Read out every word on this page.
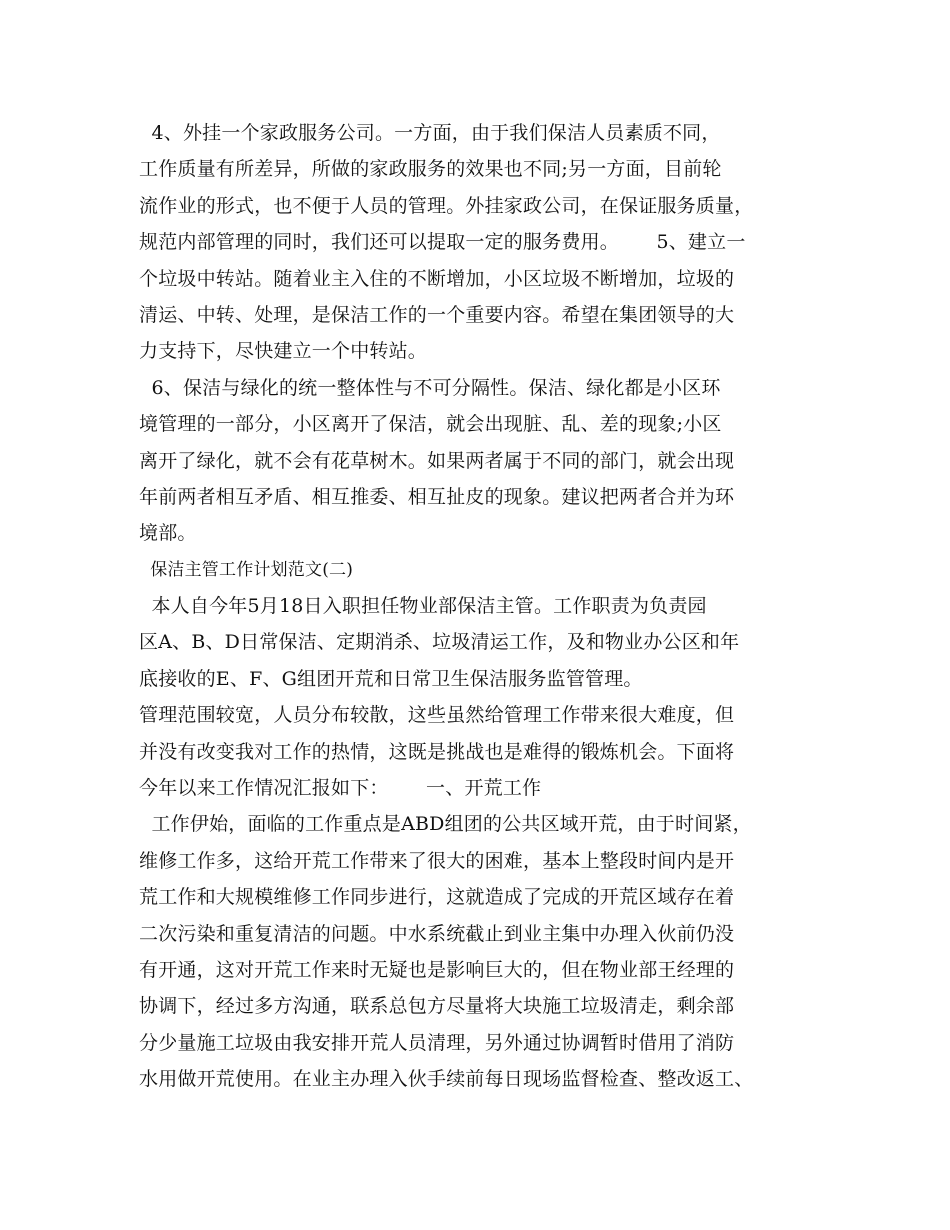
4、外挂一个家政服务公司。一方面，由于我们保洁人员素质不同，
工作质量有所差异，所做的家政服务的效果也不同;另一方面，目前轮
流作业的形式，也不便于人员的管理。外挂家政公司，在保证服务质量，
规范内部管理的同时，我们还可以提取一定的服务费用。      5、建立一
个垃圾中转站。随着业主入住的不断增加，小区垃圾不断增加，垃圾的
清运、中转、处理，是保洁工作的一个重要内容。希望在集团领导的大
力支持下，尽快建立一个中转站。
6、保洁与绿化的统一整体性与不可分隔性。保洁、绿化都是小区环
境管理的一部分，小区离开了保洁，就会出现脏、乱、差的现象;小区
离开了绿化，就不会有花草树木。如果两者属于不同的部门，就会出现
年前两者相互矛盾、相互推委、相互扯皮的现象。建议把两者合并为环
境部。
保洁主管工作计划范文(二)
本人自今年5月18日入职担任物业部保洁主管。工作职责为负责园
区A、B、D日常保洁、定期消杀、垃圾清运工作，及和物业办公区和年
底接收的E、F、G组团开荒和日常卫生保洁服务监管管理。
管理范围较宽，人员分布较散，这些虽然给管理工作带来很大难度，但
并没有改变我对工作的热情，这既是挑战也是难得的锻炼机会。下面将
今年以来工作情况汇报如下：      一、开荒工作
工作伊始，面临的工作重点是ABD组团的公共区域开荒，由于时间紧，
维修工作多，这给开荒工作带来了很大的困难，基本上整段时间内是开
荒工作和大规模维修工作同步进行，这就造成了完成的开荒区域存在着
二次污染和重复清洁的问题。中水系统截止到业主集中办理入伙前仍没
有开通，这对开荒工作来时无疑也是影响巨大的，但在物业部王经理的
协调下，经过多方沟通，联系总包方尽量将大块施工垃圾清走，剩余部
分少量施工垃圾由我安排开荒人员清理，另外通过协调暂时借用了消防
水用做开荒使用。在业主办理入伙手续前每日现场监督检查、整改返工、
